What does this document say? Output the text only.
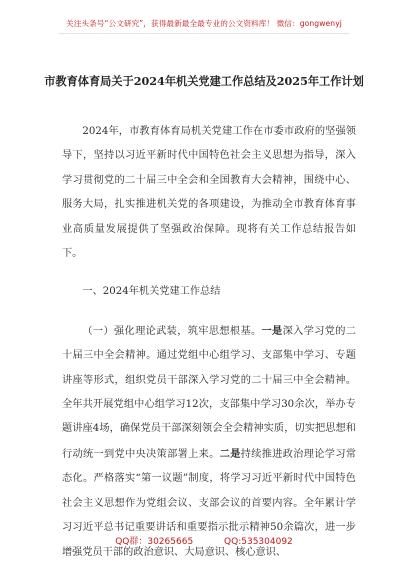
关注头条号“公文研究”，获得最新最全最专业的公文资料库！ 微信：gongwenyj
市教育体育局关于2024年机关党建工作总结及2025年工作计划

2024年，市教育体育局机关党建工作在市委市政府的坚强领导下，坚持以习近平新时代中国特色社会主义思想为指导，深入学习贯彻党的二十届三中全会和全国教育大会精神，围绕中心、服务大局，扎实推进机关党的各项建设，为推动全市教育体育事业高质量发展提供了坚强政治保障。现将有关工作总结报告如下。

一、2024年机关党建工作总结

（一）强化理论武装，筑牢思想根基。一是深入学习党的二十届三中全会精神。通过党组中心组学习、支部集中学习、专题讲座等形式，组织党员干部深入学习党的二十届三中全会精神。全年共开展党组中心组学习12次，支部集中学习30余次，举办专题讲座4场，确保党员干部深刻领会全会精神实质，切实把思想和行动统一到党中央决策部署上来。二是持续推进政治理论学习常态化。严格落实“第一议题”制度，将学习习近平新时代中国特色社会主义思想作为党组会议、支部会议的首要内容。全年累计学习习近平总书记重要讲话和重要指示批示精神50余篇次，进一步增强党员干部的政治意识、大局意识、核心意识、

QQ群：30265665	QQ:535304092
